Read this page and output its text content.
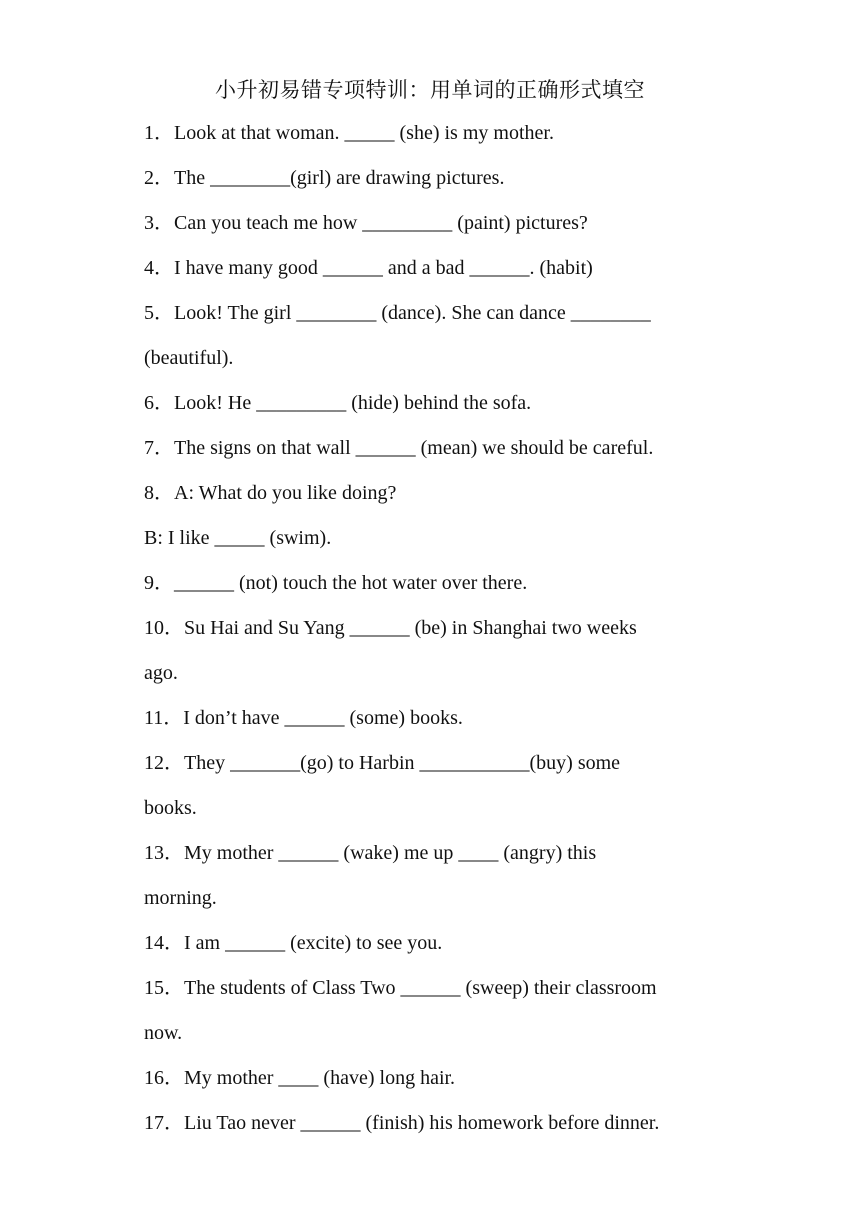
小升初易错专项特训：用单词的正确形式填空
1．Look at that woman. _____ (she) is my mother.
2．The ________(girl) are drawing pictures.
3．Can you teach me how _________ (paint) pictures?
4．I have many good ______ and a bad ______. (habit)
5．Look! The girl ________ (dance). She can dance ________
(beautiful).
6．Look! He _________ (hide) behind the sofa.
7．The signs on that wall ______ (mean) we should be careful.
8．A: What do you like doing?
B: I like _____ (swim).
9．______ (not) touch the hot water over there.
10．Su Hai and Su Yang ______ (be) in Shanghai two weeks
ago.
11．I don’t have ______ (some) books.
12．They _______(go) to Harbin ___________(buy) some
books.
13．My mother ______ (wake) me up ____ (angry) this
morning.
14．I am ______ (excite) to see you.
15．The students of Class Two ______ (sweep) their classroom
now.
16．My mother ____ (have) long hair.
17．Liu Tao never ______ (finish) his homework before dinner.
